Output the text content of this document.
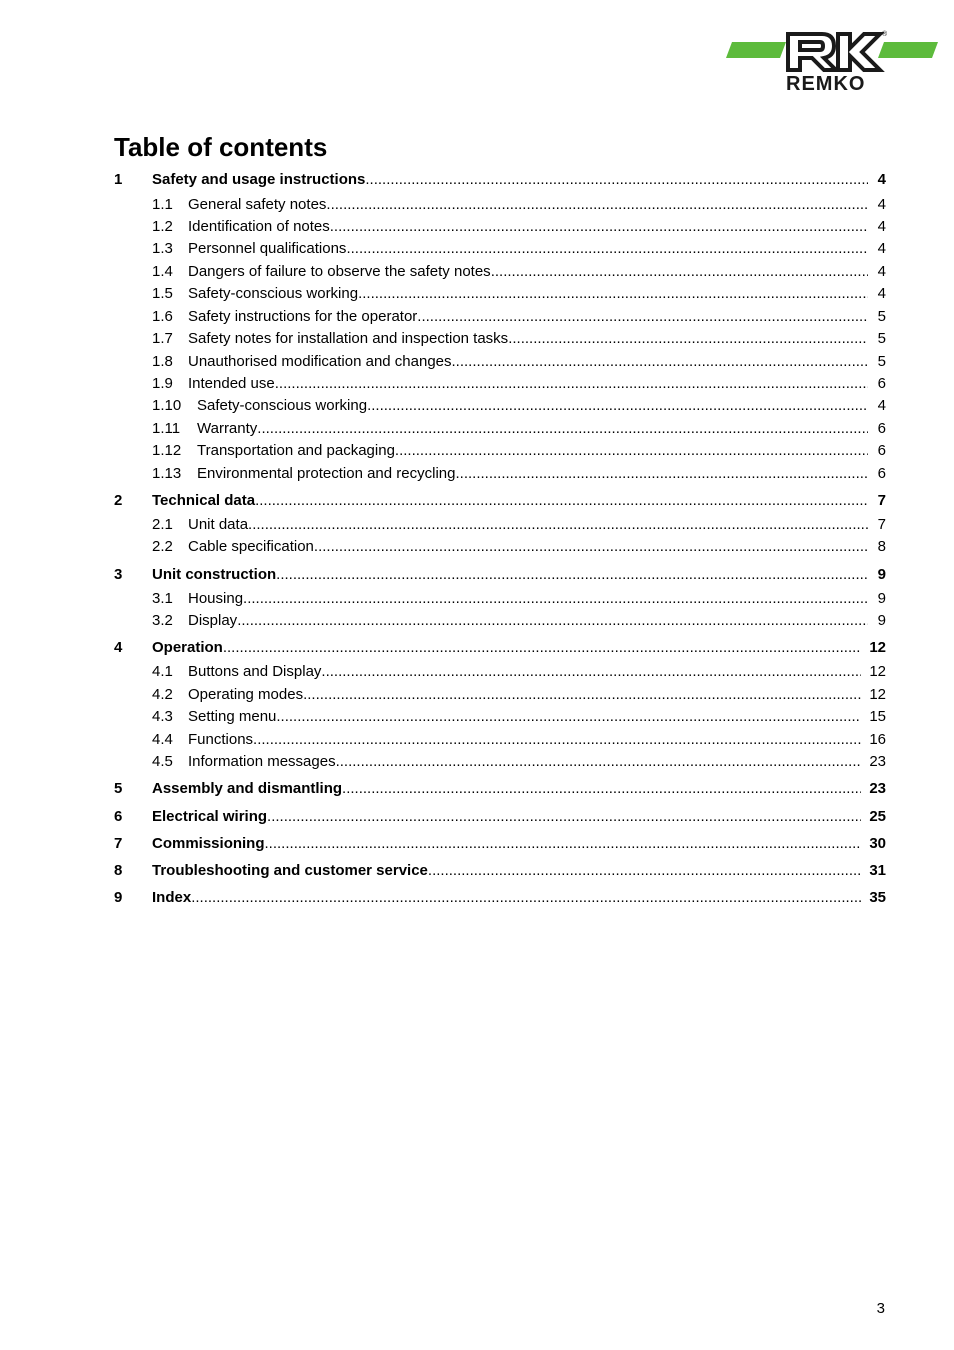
REMKO
®
Table of contents
1	Safety and usage instructions .....	4
1.1	General safety notes .....	4
1.2	Identification of notes .....	4
1.3	Personnel qualifications .....	4
1.4	Dangers of failure to observe the safety notes .....	4
1.5	Safety-conscious working .....	4
1.6	Safety instructions for the operator .....	5
1.7	Safety notes for installation and inspection tasks .....	5
1.8	Unauthorised modification and changes .....	5
1.9	Intended use .....	6
1.10	Safety-conscious working .....	4
1.11	Warranty .....	6
1.12	Transportation and packaging .....	6
1.13	Environmental protection and recycling .....	6
2	Technical data .....	7
2.1	Unit data .....	7
2.2	Cable specification .....	8
3	Unit construction .....	9
3.1	Housing .....	9
3.2	Display .....	9
4	Operation .....	12
4.1	Buttons and Display .....	12
4.2	Operating modes .....	12
4.3	Setting menu .....	15
4.4	Functions .....	16
4.5	Information messages .....	23
5	Assembly and dismantling .....	23
6	Electrical wiring .....	25
7	Commissioning .....	30
8	Troubleshooting and customer service .....	31
9	Index .....	35
3
